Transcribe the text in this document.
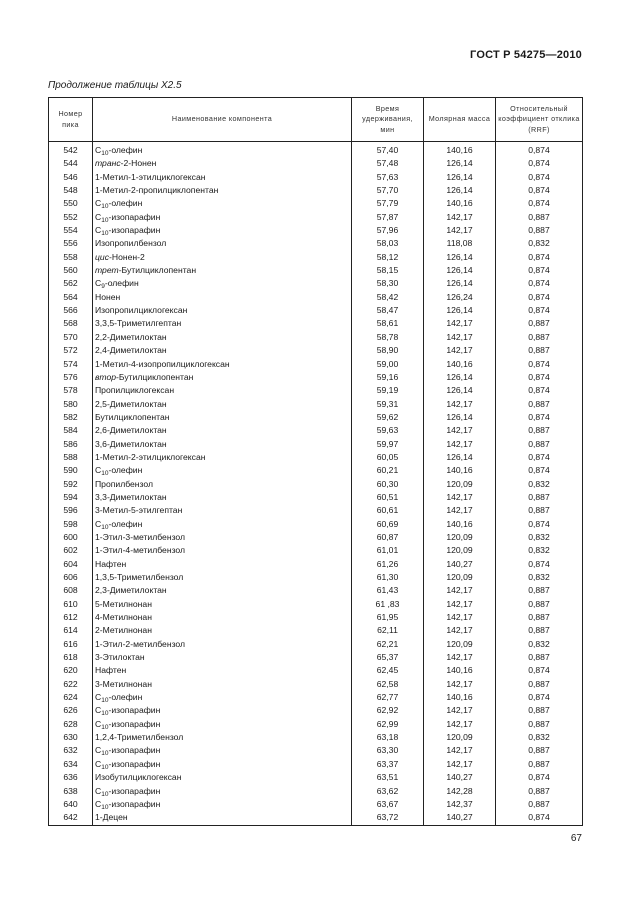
ГОСТ Р 54275—2010
Продолжение таблицы Х2.5
Номер пика	Наименование компонента	Время удерживания, мин	Молярная масса	Относительный коэффициент отклика (RRF)
542	$C_{10}$-олефин	57,40	140,16	0,874
544	транс-2-Нонен	57,48	126,14	0,874
546	1-Метил-1-этилциклогексан	57,63	126,14	0,874
548	1-Метил-2-пропилциклопентан	57,70	126,14	0,874
550	$C_{10}$-олефин	57,79	140,16	0,874
552	$C_{10}$-изопарафин	57,87	142,17	0,887
554	$C_{10}$-изопарафин	57,96	142,17	0,887
556	Изопропилбензол	58,03	118,08	0,832
558	цис-Нонен-2	58,12	126,14	0,874
560	трет-Бутилциклопентан	58,15	126,14	0,874
562	$C_9$-олефин	58,30	126,14	0,874
564	Нонен	58,42	126,24	0,874
566	Изопропилциклогексан	58,47	126,14	0,874
568	3,3,5-Триметилгептан	58,61	142,17	0,887
570	2,2-Диметилоктан	58,78	142,17	0,887
572	2,4-Диметилоктан	58,90	142,17	0,887
574	1-Метил-4-изопропилциклогексан	59,00	140,16	0,874
576	втор-Бутилциклопентан	59,16	126,14	0,874
578	Пропилциклогексан	59,19	126,14	0,874
580	2,5-Диметилоктан	59,31	142,17	0,887
582	Бутилциклопентан	59,62	126,14	0,874
584	2,6-Диметилоктан	59,63	142,17	0,887
586	3,6-Диметилоктан	59,97	142,17	0,887
588	1-Метил-2-этилциклогексан	60,05	126,14	0,874
590	$C_{10}$-олефин	60,21	140,16	0,874
592	Пропилбензол	60,30	120,09	0,832
594	3,3-Диметилоктан	60,51	142,17	0,887
596	3-Метил-5-этилгептан	60,61	142,17	0,887
598	$C_{10}$-олефин	60,69	140,16	0,874
600	1-Этил-3-метилбензол	60,87	120,09	0,832
602	1-Этил-4-метилбензол	61,01	120,09	0,832
604	Нафтен	61,26	140,27	0,874
606	1,3,5-Триметилбензол	61,30	120,09	0,832
608	2,3-Диметилоктан	61,43	142,17	0,887
610	5-Метилнонан	61 ,83	142,17	0,887
612	4-Метилнонан	61,95	142,17	0,887
614	2-Метилнонан	62,11	142,17	0,887
616	1-Этил-2-метилбензол	62,21	120,09	0,832
618	3-Этилоктан	65,37	142,17	0,887
620	Нафтен	62,45	140,16	0,874
622	3-Метилнонан	62,58	142,17	0,887
624	$C_{10}$-олефин	62,77	140,16	0,874
626	$C_{10}$-изопарафин	62,92	142,17	0,887
628	$C_{10}$-изопарафин	62,99	142,17	0,887
630	1,2,4-Триметилбензол	63,18	120,09	0,832
632	$C_{10}$-изопарафин	63,30	142,17	0,887
634	$C_{10}$-изопарафин	63,37	142,17	0,887
636	Изобутилциклогексан	63,51	140,27	0,874
638	$C_{10}$-изопарафин	63,62	142,28	0,887
640	$C_{10}$-изопарафин	63,67	142,37	0,887
642	1-Децен	63,72	140,27	0,874
67
